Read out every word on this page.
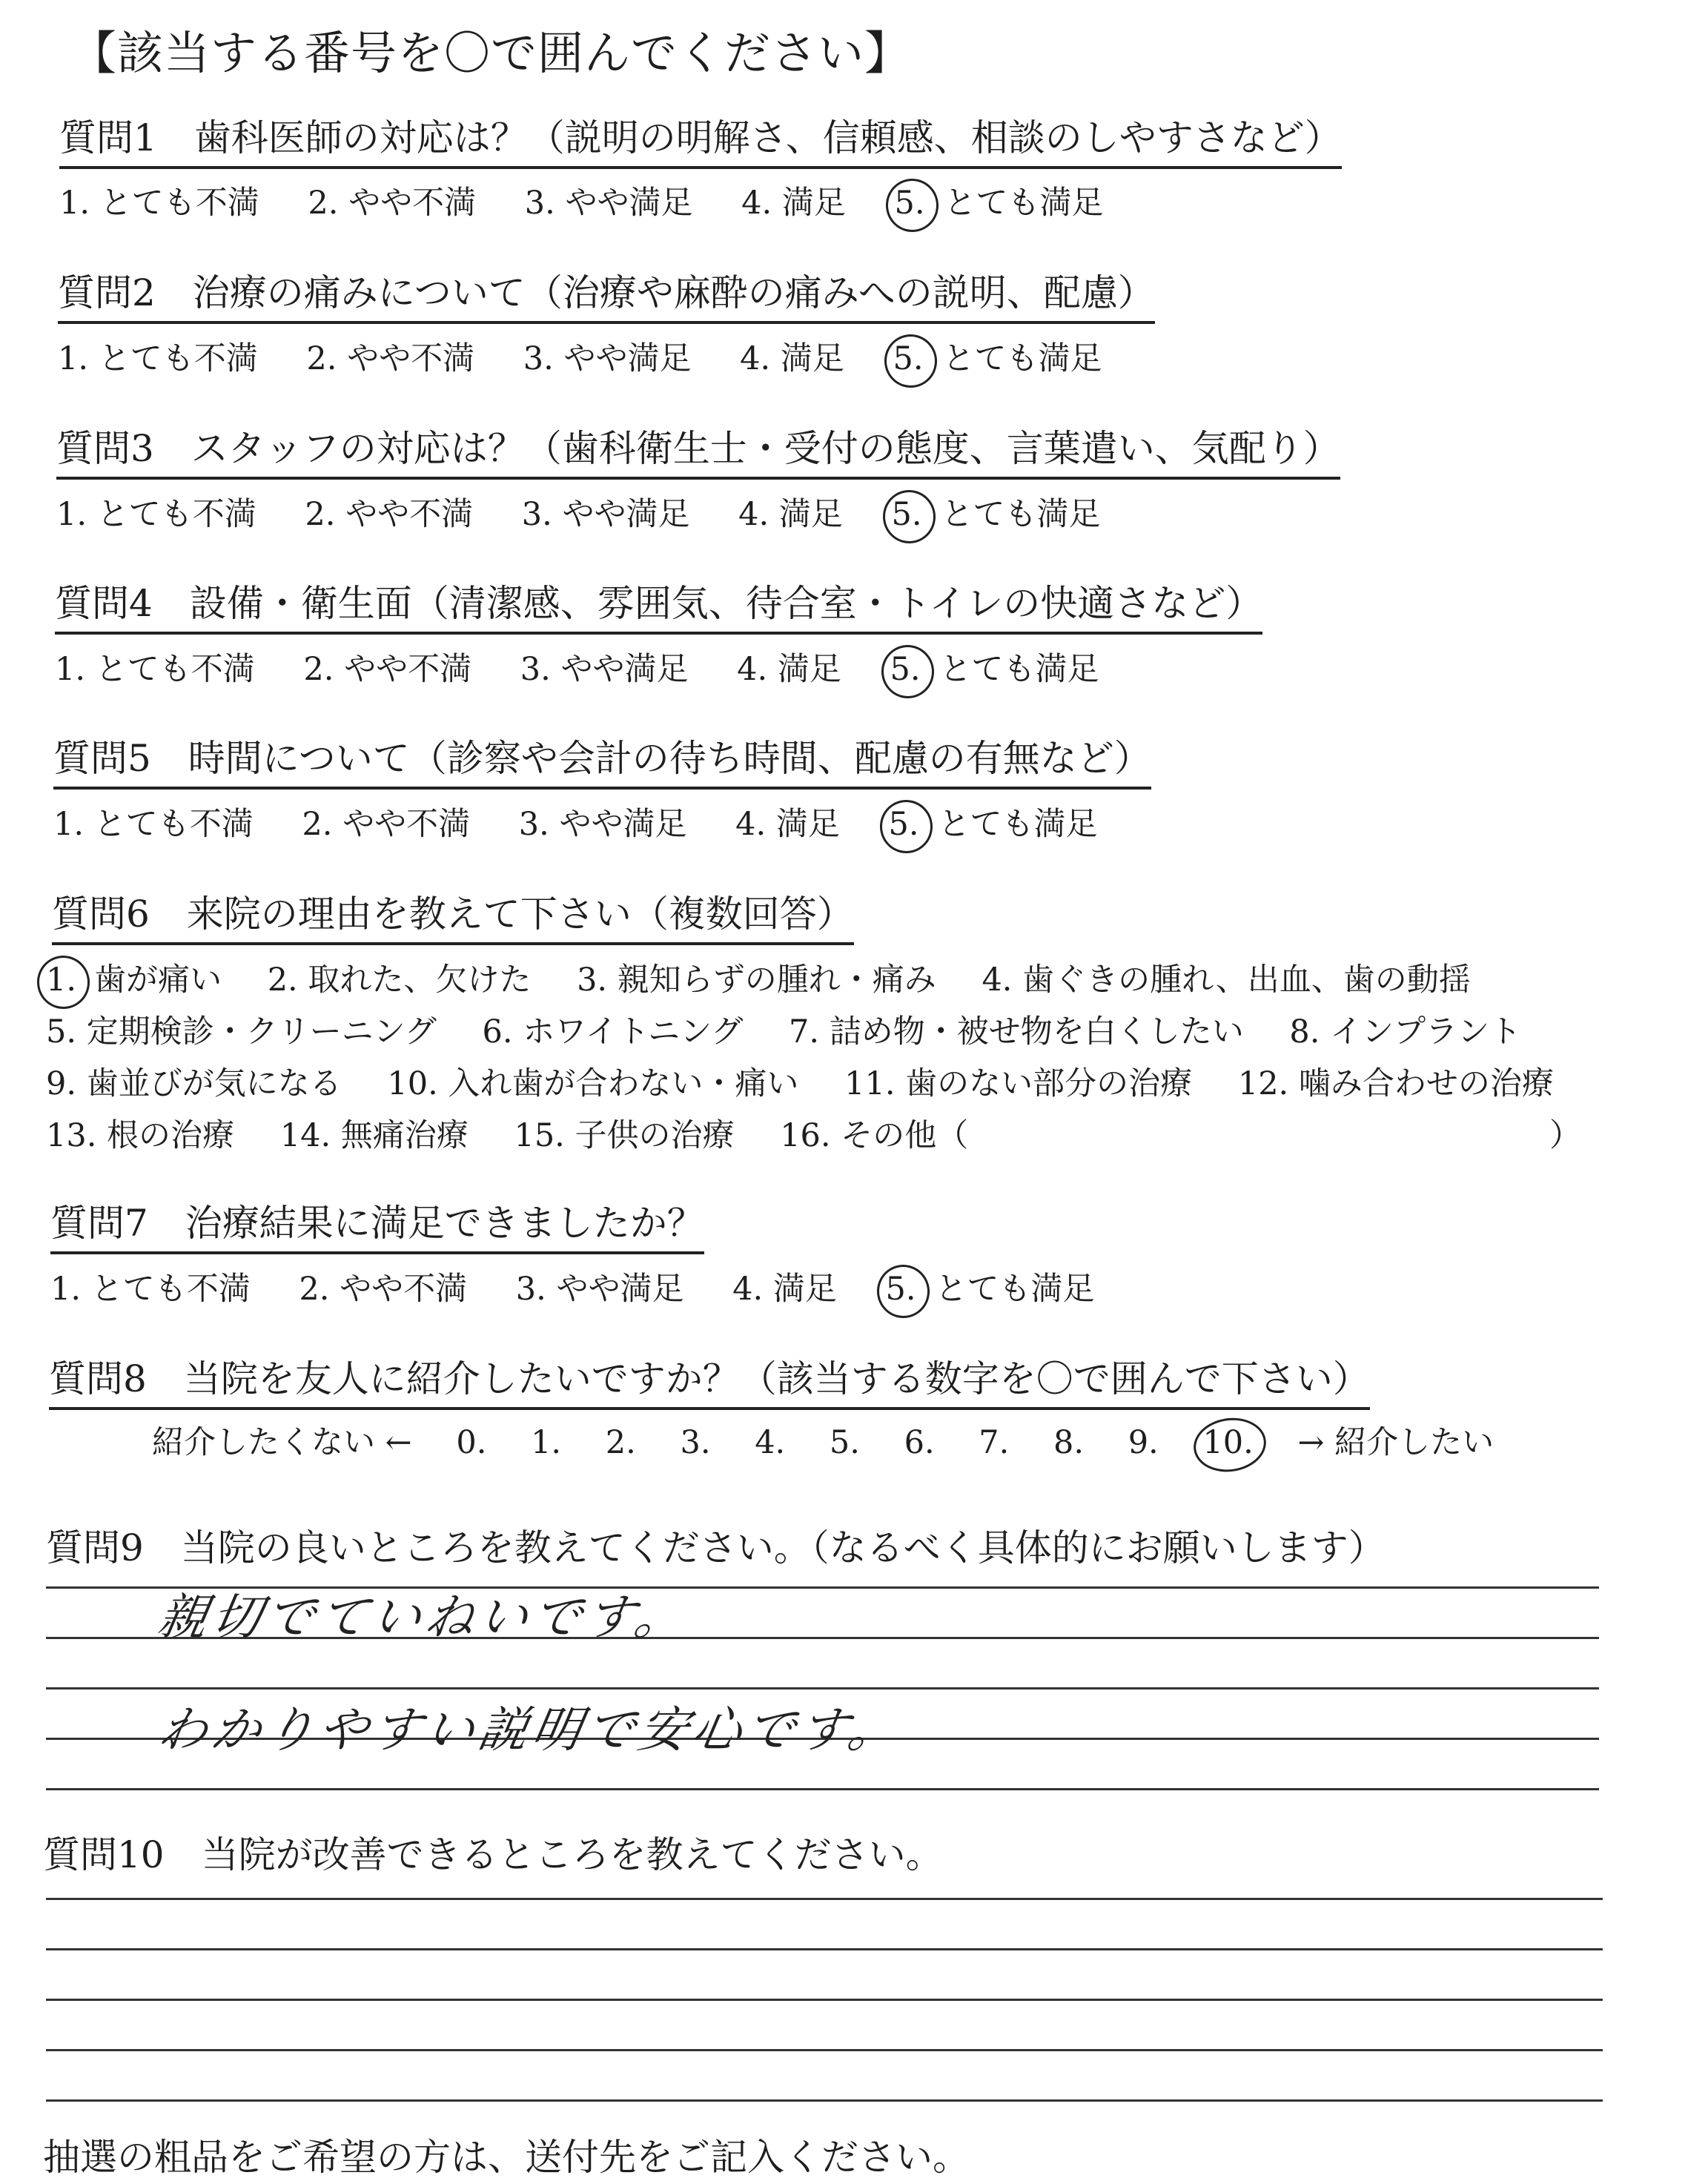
【該当する番号を〇で囲んでください】
質問1　歯科医師の対応は？（説明の明解さ、信頼感、相談のしやすさなど）
1. とても不満 2. やや不満 3. やや満足 4. 満足 5. とても満足
質問2　治療の痛みについて（治療や麻酔の痛みへの説明、配慮）
1. とても不満 2. やや不満 3. やや満足 4. 満足 5. とても満足
質問3　スタッフの対応は？（歯科衛生士・受付の態度、言葉遣い、気配り）
1. とても不満 2. やや不満 3. やや満足 4. 満足 5. とても満足
質問4　設備・衛生面（清潔感、雰囲気、待合室・トイレの快適さなど）
1. とても不満 2. やや不満 3. やや満足 4. 満足 5. とても満足
質問5　時間について（診察や会計の待ち時間、配慮の有無など）
1. とても不満 2. やや不満 3. やや満足 4. 満足 5. とても満足
質問6　来院の理由を教えて下さい（複数回答）
1. 歯が痛い 2. 取れた、欠けた 3. 親知らずの腫れ・痛み 4. 歯ぐきの腫れ、出血、歯の動揺
5. 定期検診・クリーニング 6. ホワイトニング 7. 詰め物・被せ物を白くしたい 8. インプラント
9. 歯並びが気になる 10. 入れ歯が合わない・痛い 11. 歯のない部分の治療 12. 噛み合わせの治療
13. 根の治療 14. 無痛治療 15. 子供の治療 16. その他（	）
質問7　治療結果に満足できましたか？
1. とても不満 2. やや不満 3. やや満足 4. 満足 5. とても満足
質問8　当院を友人に紹介したいですか？（該当する数字を〇で囲んで下さい）
紹介したくない ← 0. 1. 2. 3. 4. 5. 6. 7. 8. 9. 10. → 紹介したい
質問9　当院の良いところを教えてください。（なるべく具体的にお願いします）
親切でていねいです。
わかりやすい説明で安心です。
質問10　当院が改善できるところを教えてください。
抽選の粗品をご希望の方は、送付先をご記入ください。
